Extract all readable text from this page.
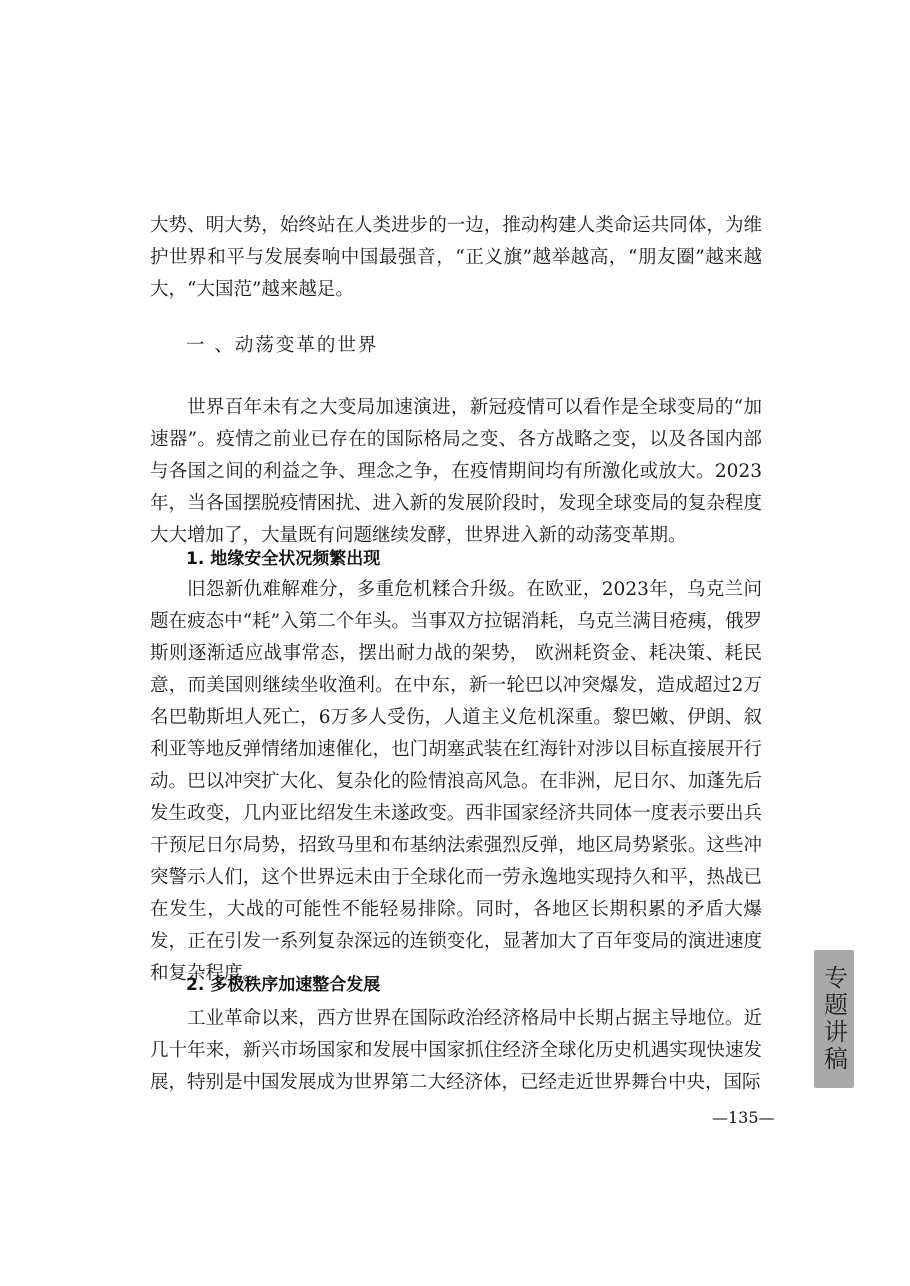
大势、明大势，始终站在人类进步的一边，推动构建人类命运共同体，为维护世界和平与发展奏响中国最强音，“正义旗”越举越高，“朋友圈”越来越大，“大国范”越来越足。

一 、动荡变革的世界

世界百年未有之大变局加速演进，新冠疫情可以看作是全球变局的“加速器”。疫情之前业已存在的国际格局之变、各方战略之变，以及各国内部与各国之间的利益之争、理念之争，在疫情期间均有所激化或放大。2023年，当各国摆脱疫情困扰、进入新的发展阶段时，发现全球变局的复杂程度大大增加了，大量既有问题继续发酵，世界进入新的动荡变革期。

1. 地缘安全状况频繁出现

旧怨新仇难解难分，多重危机糅合升级。在欧亚，2023年，乌克兰问题在疲态中“耗”入第二个年头。当事双方拉锯消耗，乌克兰满目疮痍，俄罗斯则逐渐适应战事常态，摆出耐力战的架势， 欧洲耗资金、耗决策、耗民意，而美国则继续坐收渔利。在中东，新一轮巴以冲突爆发，造成超过2万名巴勒斯坦人死亡，6万多人受伤，人道主义危机深重。黎巴嫩、伊朗、叙利亚等地反弹情绪加速催化，也门胡塞武装在红海针对涉以目标直接展开行动。巴以冲突扩大化、复杂化的险情浪高风急。在非洲，尼日尔、加蓬先后发生政变，几内亚比绍发生未遂政变。西非国家经济共同体一度表示要出兵干预尼日尔局势，招致马里和布基纳法索强烈反弹，地区局势紧张。这些冲突警示人们，这个世界远未由于全球化而一劳永逸地实现持久和平，热战已在发生，大战的可能性不能轻易排除。同时，各地区长期积累的矛盾大爆发，正在引发一系列复杂深远的连锁变化，显著加大了百年变局的演进速度和复杂程度。

2. 多极秩序加速整合发展

工业革命以来，西方世界在国际政治经济格局中长期占据主导地位。近几十年来，新兴市场国家和发展中国家抓住经济全球化历史机遇实现快速发展，特别是中国发展成为世界第二大经济体，已经走近世界舞台中央，国际

专题讲稿

—135—
